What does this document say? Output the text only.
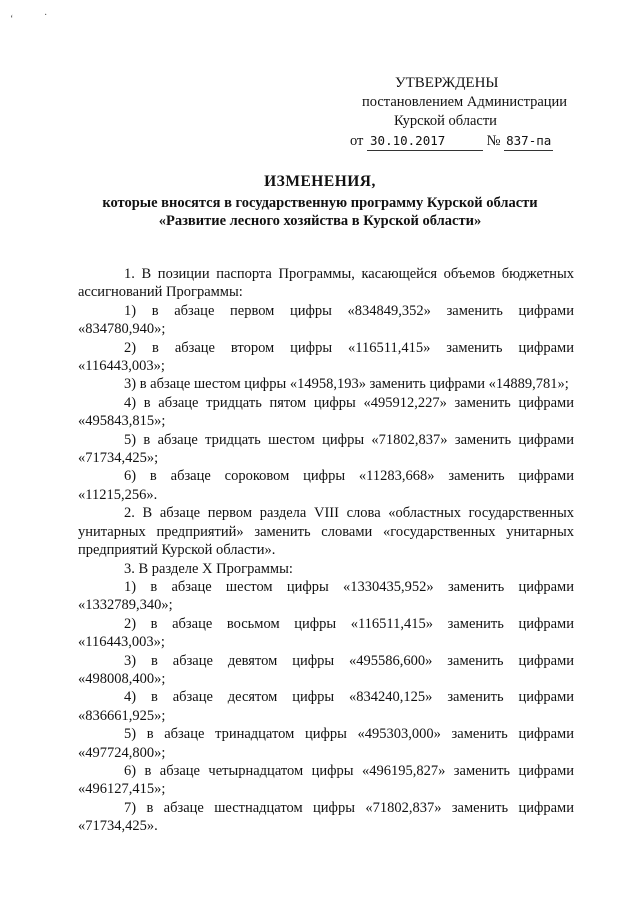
‘	·
УТВЕРЖДЕНЫ
постановлением Администрации
Курской области
от 30.10.2017	№ 837-па
ИЗМЕНЕНИЯ,
которые вносятся в государственную программу Курской области
«Развитие лесного хозяйства в Курской области»

1. В позиции паспорта Программы, касающейся объемов бюджетных ассигнований Программы:

1) в абзаце первом цифры «834849,352» заменить цифрами «834780,940»;

2) в абзаце втором цифры «116511,415» заменить цифрами «116443,003»;

3) в абзаце шестом цифры «14958,193» заменить цифрами «14889,781»;

4) в абзаце тридцать пятом цифры «495912,227» заменить цифрами «495843,815»;

5) в абзаце тридцать шестом цифры «71802,837» заменить цифрами «71734,425»;

6) в абзаце сороковом цифры «11283,668» заменить цифрами «11215,256».

2. В абзаце первом раздела VIII слова «областных государственных унитарных предприятий» заменить словами «государственных унитарных предприятий Курской области».

3. В разделе X Программы:

1) в абзаце шестом цифры «1330435,952» заменить цифрами «1332789,340»;

2) в абзаце восьмом цифры «116511,415» заменить цифрами «116443,003»;

3) в абзаце девятом цифры «495586,600» заменить цифрами «498008,400»;

4) в абзаце десятом цифры «834240,125» заменить цифрами «836661,925»;

5) в абзаце тринадцатом цифры «495303,000» заменить цифрами «497724,800»;

6) в абзаце четырнадцатом цифры «496195,827» заменить цифрами «496127,415»;

7) в абзаце шестнадцатом цифры «71802,837» заменить цифрами «71734,425».
